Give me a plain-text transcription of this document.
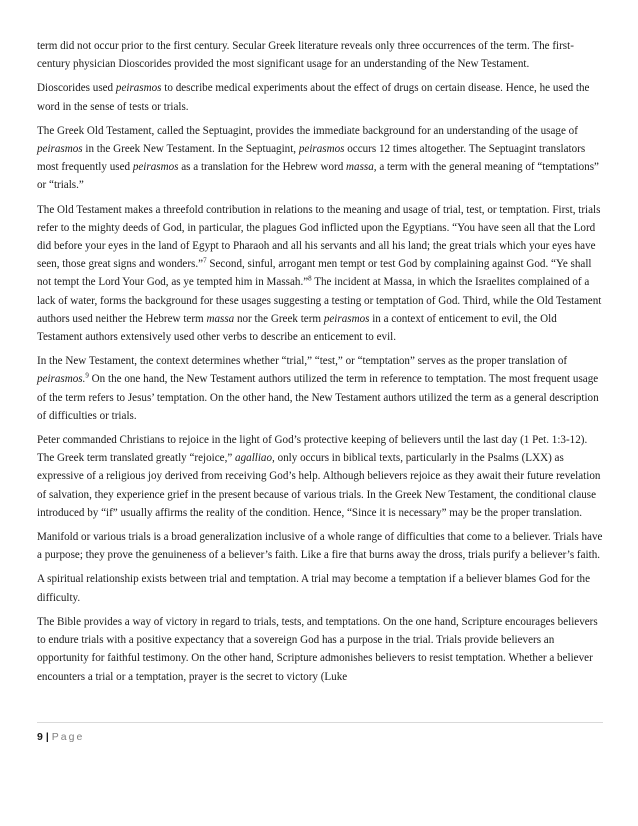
term did not occur prior to the first century. Secular Greek literature reveals only three occurrences of the term. The first-century physician Dioscorides provided the most significant usage for an understanding of the New Testament.

Dioscorides used peirasmos to describe medical experiments about the effect of drugs on certain disease. Hence, he used the word in the sense of tests or trials.

The Greek Old Testament, called the Septuagint, provides the immediate background for an understanding of the usage of peirasmos in the Greek New Testament. In the Septuagint, peirasmos occurs 12 times altogether. The Septuagint translators most frequently used peirasmos as a translation for the Hebrew word massa, a term with the general meaning of “temptations” or “trials.”

The Old Testament makes a threefold contribution in relations to the meaning and usage of trial, test, or temptation. First, trials refer to the mighty deeds of God, in particular, the plagues God inflicted upon the Egyptians. “You have seen all that the Lord did before your eyes in the land of Egypt to Pharaoh and all his servants and all his land; the great trials which your eyes have seen, those great signs and wonders.”$^7$ Second, sinful, arrogant men tempt or test God by complaining against God. “Ye shall not tempt the Lord Your God, as ye tempted him in Massah.”$^8$ The incident at Massa, in which the Israelites complained of a lack of water, forms the background for these usages suggesting a testing or temptation of God. Third, while the Old Testament authors used neither the Hebrew term massa nor the Greek term peirasmos in a context of enticement to evil, the Old Testament authors extensively used other verbs to describe an enticement to evil.

In the New Testament, the context determines whether “trial,” “test,” or “temptation” serves as the proper translation of peirasmos.$^9$ On the one hand, the New Testament authors utilized the term in reference to temptation. The most frequent usage of the term refers to Jesus’ temptation. On the other hand, the New Testament authors utilized the term as a general description of difficulties or trials.

Peter commanded Christians to rejoice in the light of God’s protective keeping of believers until the last day (1 Pet. 1:3-12). The Greek term translated greatly “rejoice,” agalliao, only occurs in biblical texts, particularly in the Psalms (LXX) as expressive of a religious joy derived from receiving God’s help. Although believers rejoice as they await their future revelation of salvation, they experience grief in the present because of various trials. In the Greek New Testament, the conditional clause introduced by “if” usually affirms the reality of the condition. Hence, “Since it is necessary” may be the proper translation.

Manifold or various trials is a broad generalization inclusive of a whole range of difficulties that come to a believer. Trials have a purpose; they prove the genuineness of a believer’s faith. Like a fire that burns away the dross, trials purify a believer’s faith.

A spiritual relationship exists between trial and temptation. A trial may become a temptation if a believer blames God for the difficulty.

The Bible provides a way of victory in regard to trials, tests, and temptations. On the one hand, Scripture encourages believers to endure trials with a positive expectancy that a sovereign God has a purpose in the trial. Trials provide believers an opportunity for faithful testimony. On the other hand, Scripture admonishes believers to resist temptation. Whether a believer encounters a trial or a temptation, prayer is the secret to victory (Luke

9 | Page
